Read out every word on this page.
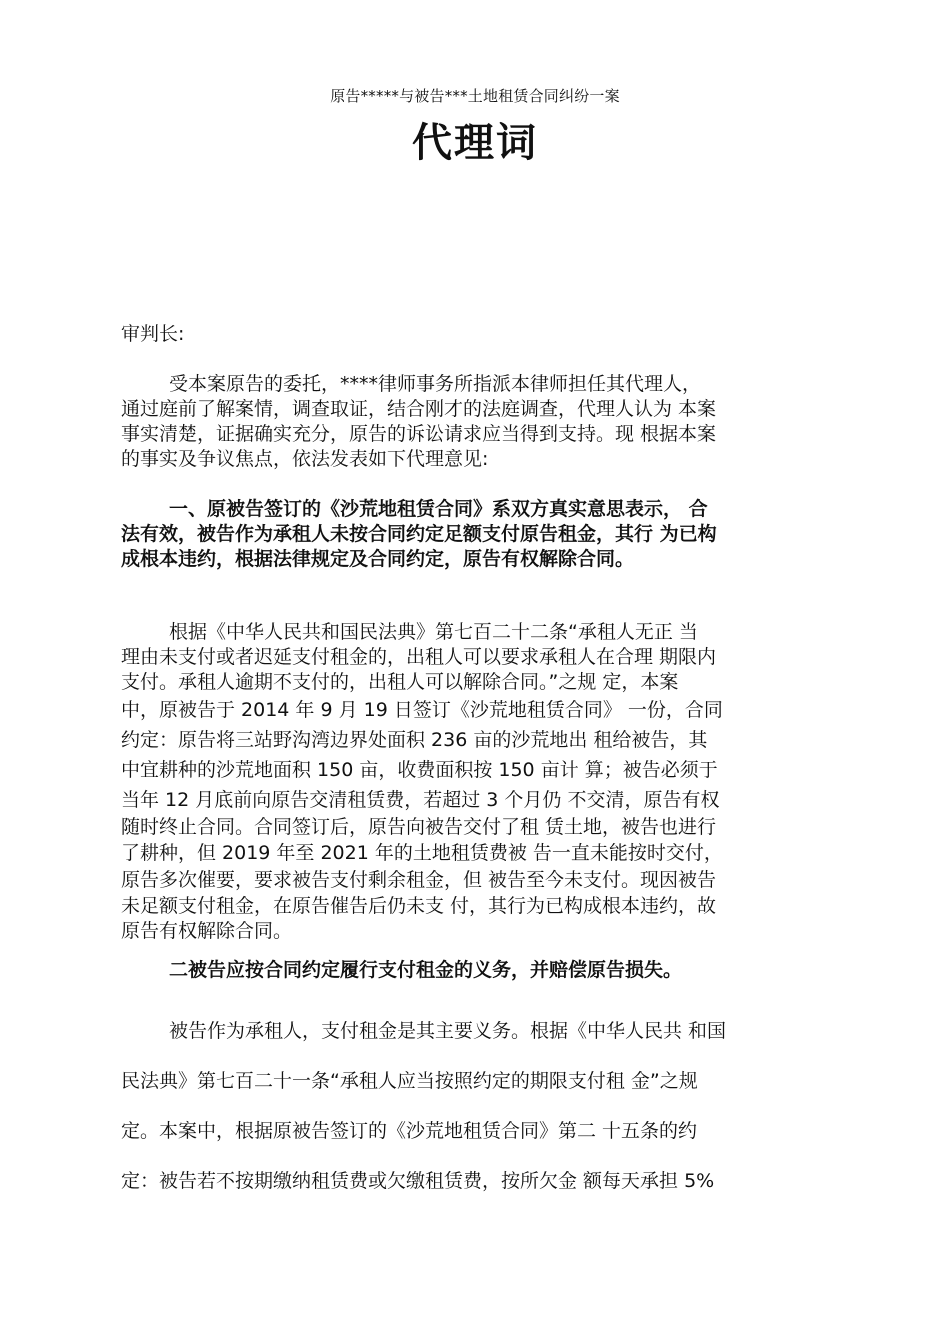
原告*****与被告***土地租赁合同纠纷一案
代理词
审判长:
受本案原告的委托，****律师事务所指派本律师担任其代理人，
通过庭前了解案情，调查取证，结合刚才的法庭调查，代理人认为 本案
事实清楚，证据确实充分，原告的诉讼请求应当得到支持。现 根据本案
的事实及争议焦点，依法发表如下代理意见:
一、原被告签订的《沙荒地租赁合同》系双方真实意思表示， 合
法有效，被告作为承租人未按合同约定足额支付原告租金，其行 为已构
成根本违约，根据法律规定及合同约定，原告有权解除合同。
根据《中华人民共和国民法典》第七百二十二条“承租人无正 当
理由未支付或者迟延支付租金的，出租人可以要求承租人在合理 期限内
支付。承租人逾期不支付的，出租人可以解除合同。”之规 定，本案
中，原被告于 2014 年 9 月 19 日签订《沙荒地租赁合同》 一份，合同
约定：原告将三站野沟湾边界处面积 236 亩的沙荒地出 租给被告，其
中宜耕种的沙荒地面积 150 亩，收费面积按 150 亩计 算；被告必须于
当年 12 月底前向原告交清租赁费，若超过 3 个月仍 不交清，原告有权
随时终止合同。合同签订后，原告向被告交付了租 赁土地，被告也进行
了耕种，但 2019 年至 2021 年的土地租赁费被 告一直未能按时交付，
原告多次催要，要求被告支付剩余租金，但 被告至今未支付。现因被告
未足额支付租金，在原告催告后仍未支 付，其行为已构成根本违约，故
原告有权解除合同。
二被告应按合同约定履行支付租金的义务，并赔偿原告损失。
被告作为承租人，支付租金是其主要义务。根据《中华人民共 和国
民法典》第七百二十一条“承租人应当按照约定的期限支付租 金”之规
定。本案中，根据原被告签订的《沙荒地租赁合同》第二 十五条的约
定：被告若不按期缴纳租赁费或欠缴租赁费，按所欠金 额每天承担 5%
